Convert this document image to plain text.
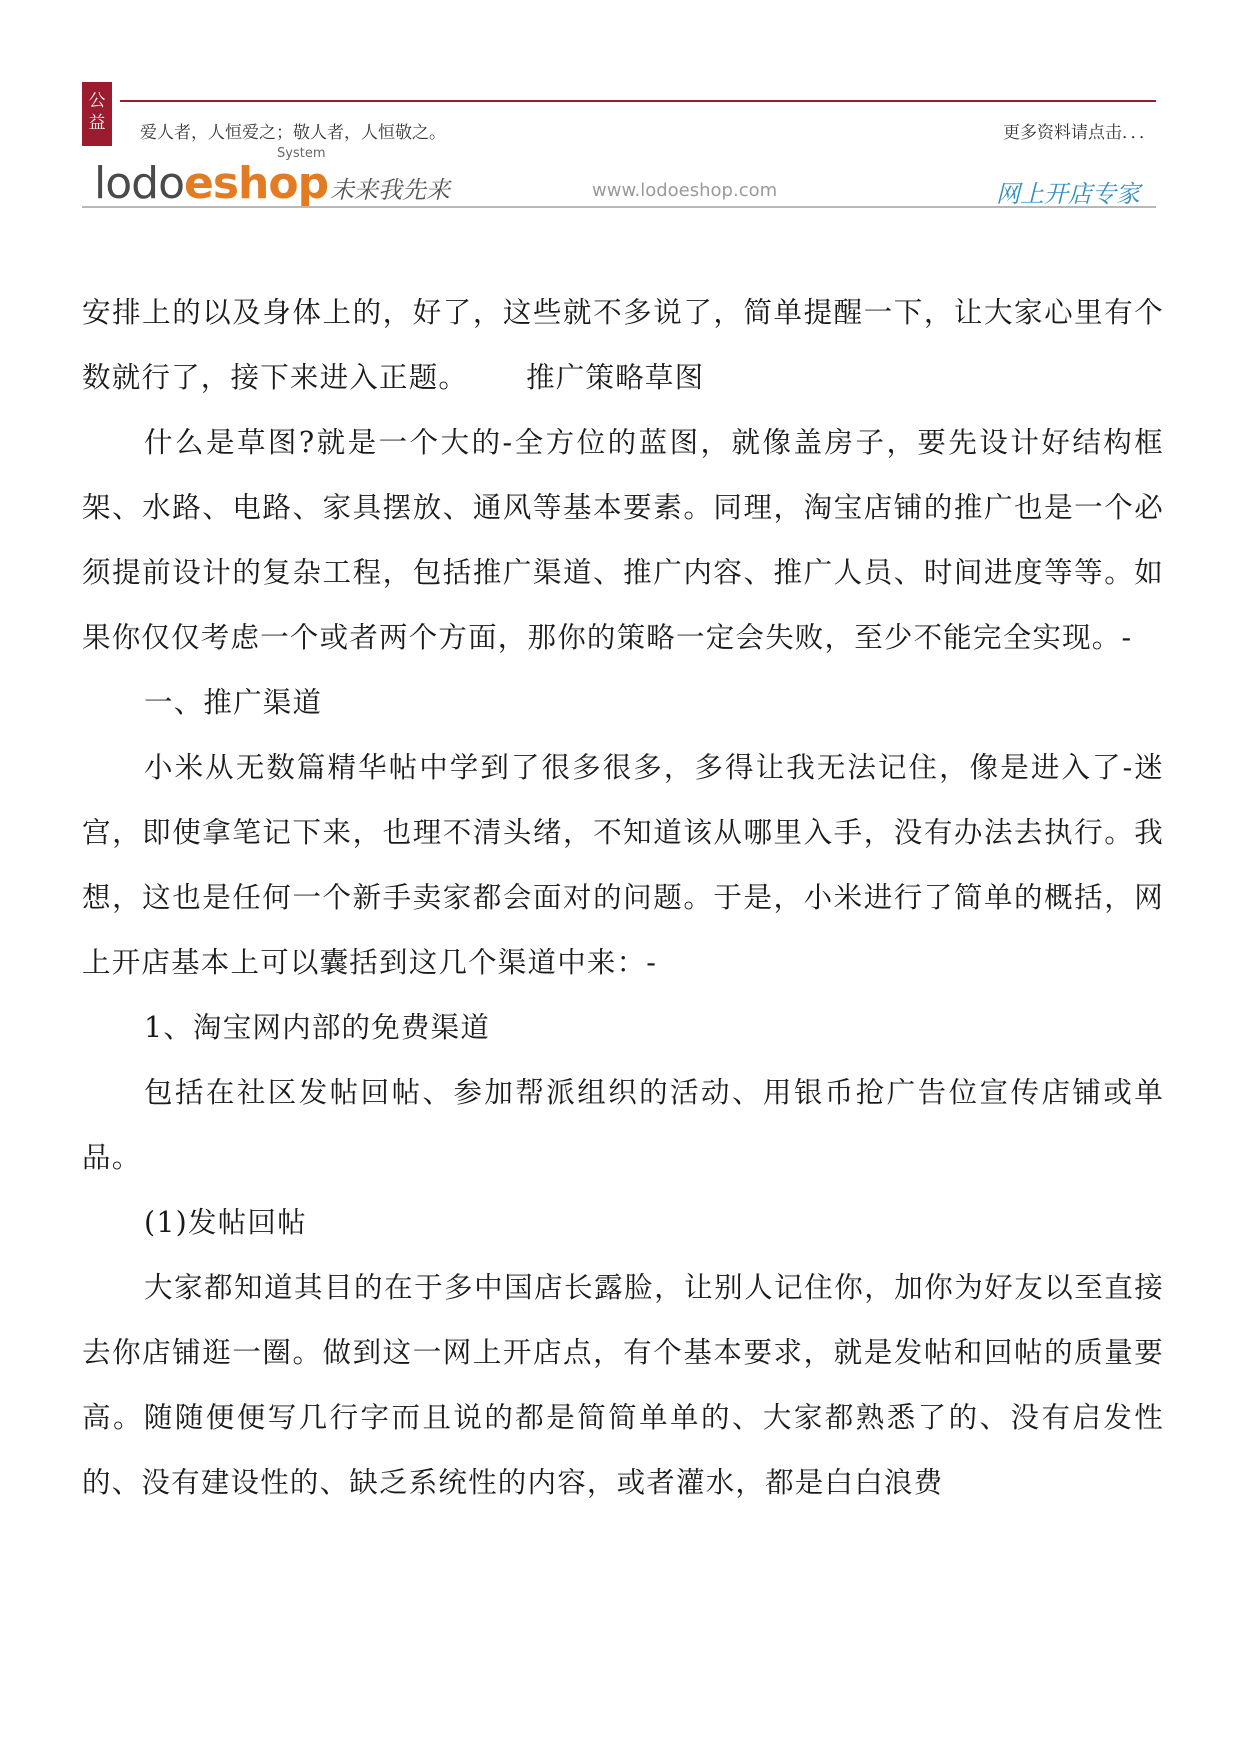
公
益	爱人者，人恒爱之；敬人者，人恒敬之。	更多资料请点击．．．
lodoeshop
System
未来我先来	www.lodoeshop.com	网上开店专家

安排上的以及身体上的，好了，这些就不多说了，简单提醒一下，让大家心里有个数就行了，接下来进入正题。 推广策略草图

什么是草图?就是一个大的-全方位的蓝图，就像盖房子，要先设计好结构框架、水路、电路、家具摆放、通风等基本要素。同理，淘宝店铺的推广也是一个必须提前设计的复杂工程，包括推广渠道、推广内容、推广人员、时间进度等等。如果你仅仅考虑一个或者两个方面，那你的策略一定会失败，至少不能完全实现。-

一、推广渠道

小米从无数篇精华帖中学到了很多很多，多得让我无法记住，像是进入了-迷宫，即使拿笔记下来，也理不清头绪，不知道该从哪里入手，没有办法去执行。我想，这也是任何一个新手卖家都会面对的问题。于是，小米进行了简单的概括，网上开店基本上可以囊括到这几个渠道中来：-

1、淘宝网内部的免费渠道

包括在社区发帖回帖、参加帮派组织的活动、用银币抢广告位宣传店铺或单品。

(1)发帖回帖

大家都知道其目的在于多中国店长露脸，让别人记住你，加你为好友以至直接去你店铺逛一圈。做到这一网上开店点，有个基本要求，就是发帖和回帖的质量要高。随随便便写几行字而且说的都是简简单单的、大家都熟悉了的、没有启发性的、没有建设性的、缺乏系统性的内容，或者灌水，都是白白浪费
